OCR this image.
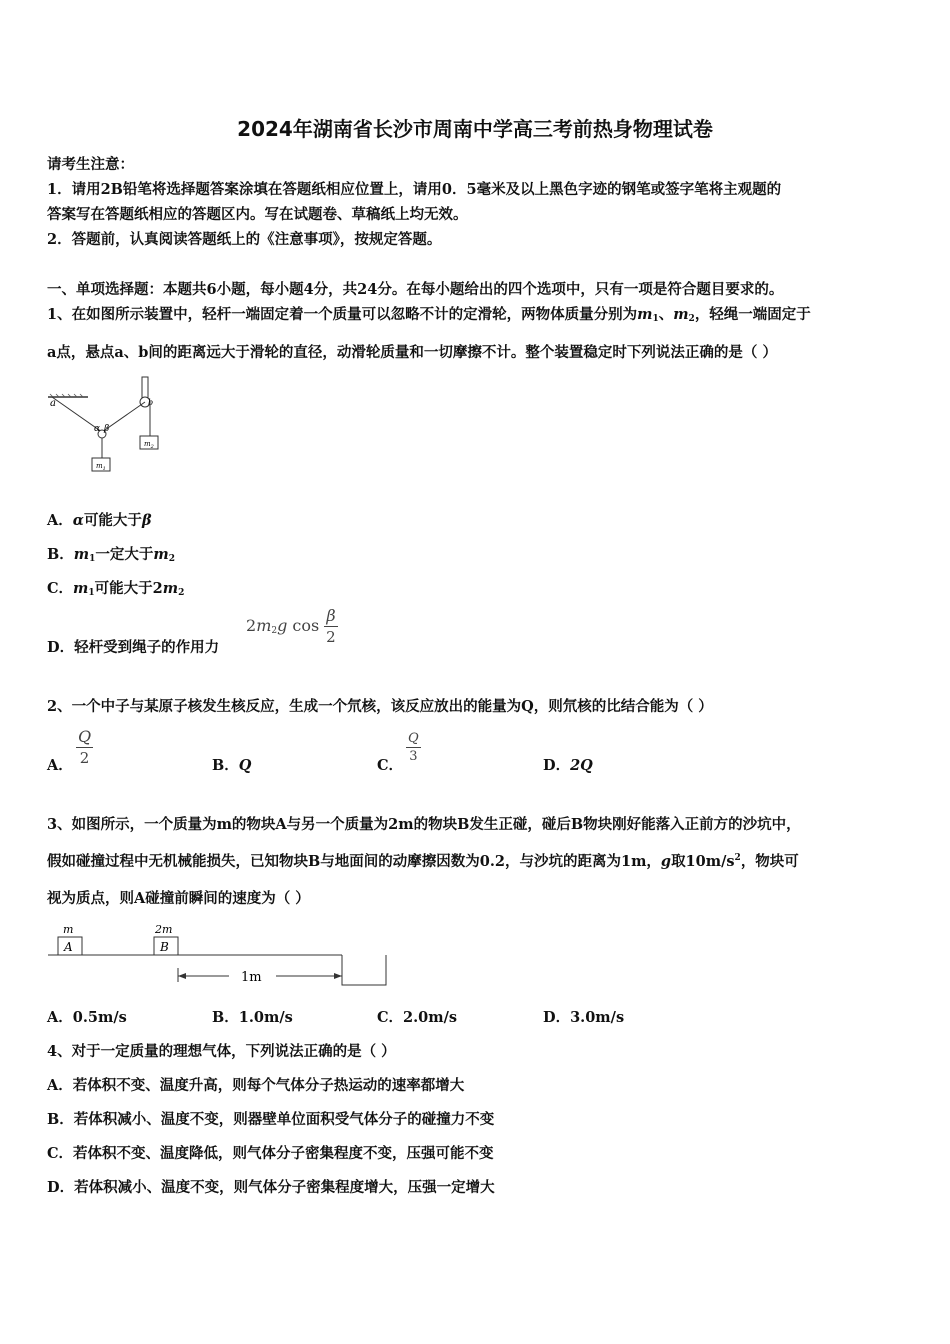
2024年湖南省长沙市周南中学高三考前热身物理试卷
请考生注意：
1．请用2B铅笔将选择题答案涂填在答题纸相应位置上，请用0．5毫米及以上黑色字迹的钢笔或签字笔将主观题的
答案写在答题纸相应的答题区内。写在试题卷、草稿纸上均无效。
2．答题前，认真阅读答题纸上的《注意事项》，按规定答题。
一、单项选择题：本题共6小题，每小题4分，共24分。在每小题给出的四个选项中，只有一项是符合题目要求的。
1、在如图所示装置中，轻杆一端固定着一个质量可以忽略不计的定滑轮，两物体质量分别为$m_1$、$m_2$，轻绳一端固定于
a点，悬点a、b间的距离远大于滑轮的直径，动滑轮质量和一切摩擦不计。整个装置稳定时下列说法正确的是（ ）
a	b
$m_1$
$m_2$
α β
A．α可能大于β
B．$m_1$一定大于$m_2$
C．$m_1$可能大于$2m_2$
D．轻杆受到绳子的作用力
$2m_2g$ $\cos \frac{\beta}{2}$
2、一个中子与某原子核发生核反应，生成一个氘核，该反应放出的能量为Q，则氘核的比结合能为（ ）
A． $\frac{Q}{2}$	B．Q	C．
$\frac{Q}{3}$
D．2Q
3、如图所示，一个质量为m的物块A与另一个质量为2m的物块B发生正碰，碰后B物块刚好能落入正前方的沙坑中，
假如碰撞过程中无机械能损失，已知物块B与地面间的动摩擦因数为0.2，与沙坑的距离为1m，g取$10m/s^2$，物块可
视为质点，则A碰撞前瞬间的速度为（ ）
A
m
B
2m
1m
A．0.5m/s	B．1.0m/s	C．2.0m/s	D．3.0m/s
4、对于一定质量的理想气体，下列说法正确的是（ ）
A．若体积不变、温度升高，则每个气体分子热运动的速率都增大
B．若体积减小、温度不变，则器壁单位面积受气体分子的碰撞力不变
C．若体积不变、温度降低，则气体分子密集程度不变，压强可能不变
D．若体积减小、温度不变，则气体分子密集程度增大，压强一定增大
